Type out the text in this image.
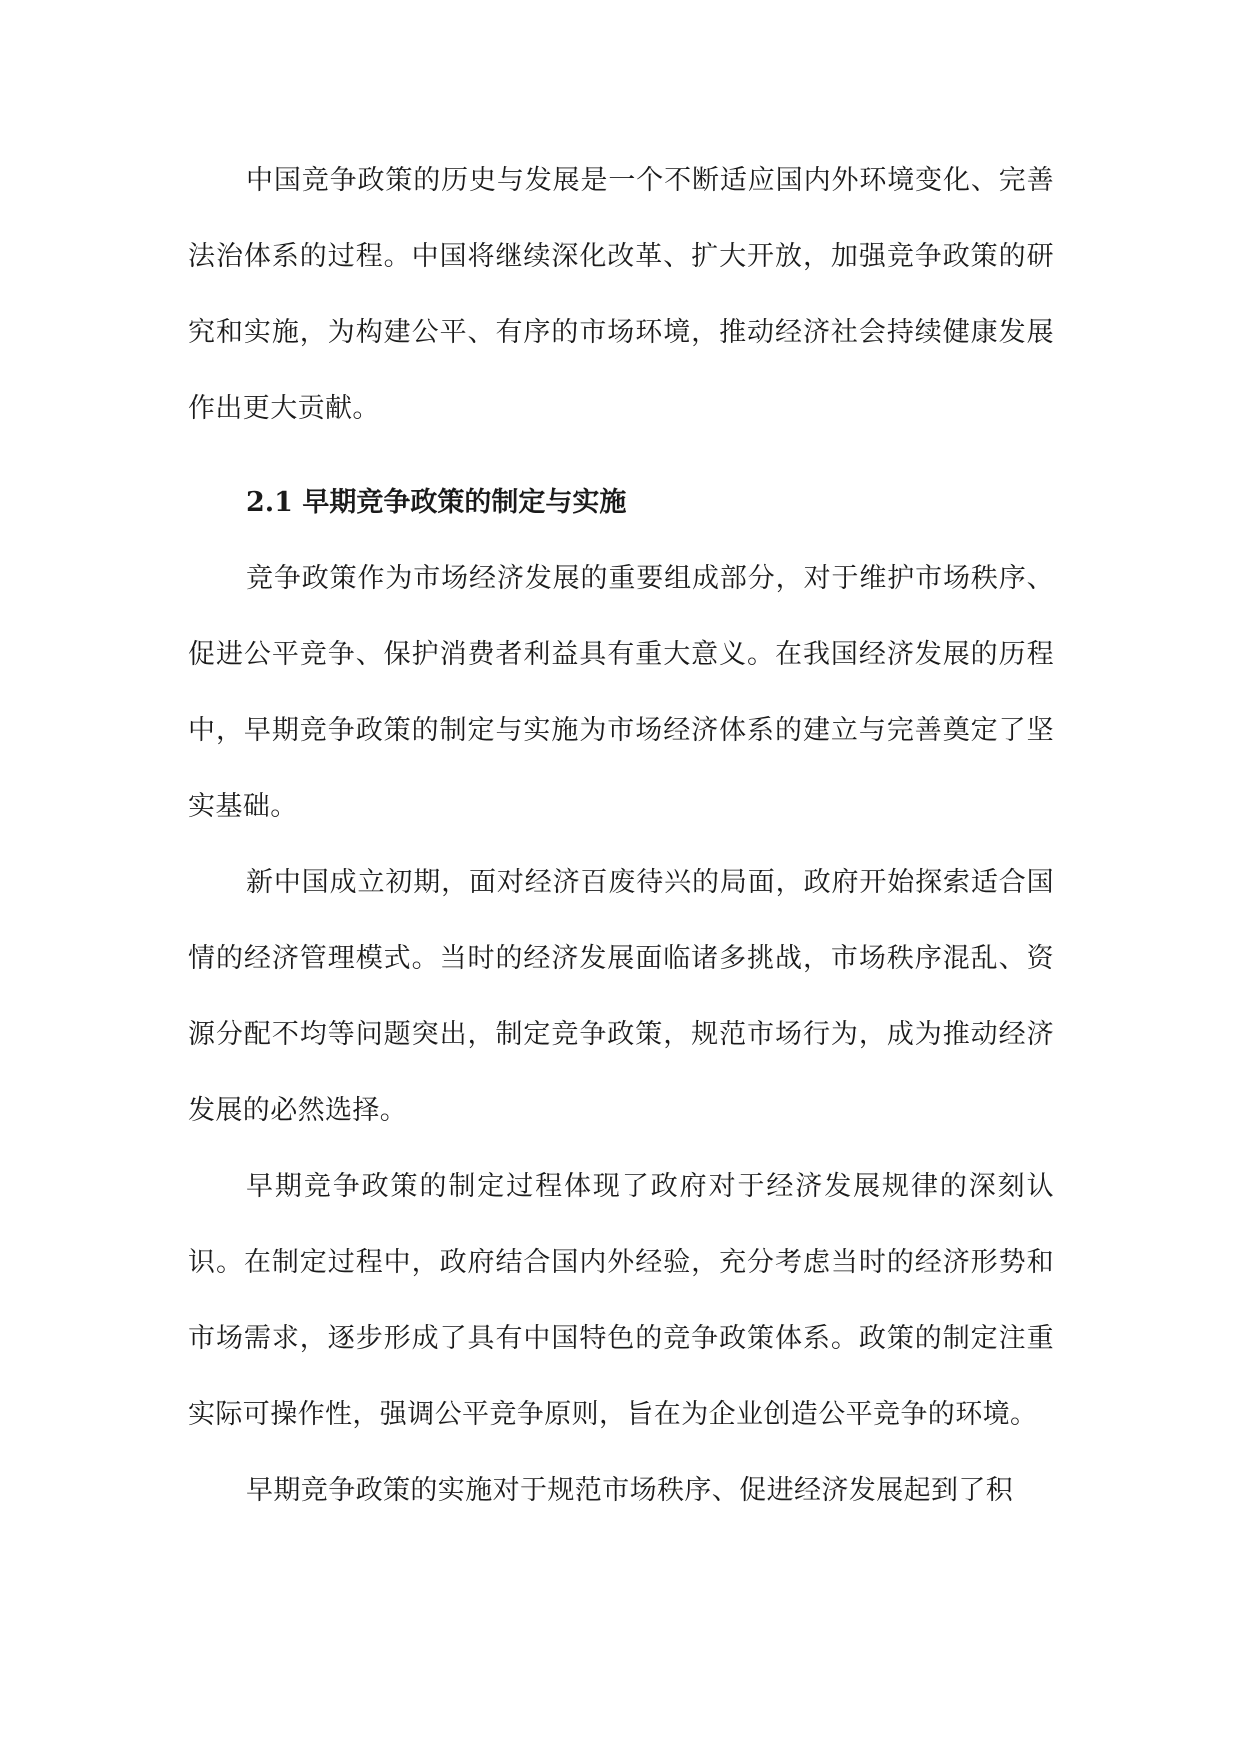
中国竞争政策的历史与发展是一个不断适应国内外环境变化、完善法治体系的过程。中国将继续深化改革、扩大开放，加强竞争政策的研究和实施，为构建公平、有序的市场环境，推动经济社会持续健康发展作出更大贡献。

2.1 早期竞争政策的制定与实施

竞争政策作为市场经济发展的重要组成部分，对于维护市场秩序、促进公平竞争、保护消费者利益具有重大意义。在我国经济发展的历程中，早期竞争政策的制定与实施为市场经济体系的建立与完善奠定了坚实基础。

新中国成立初期，面对经济百废待兴的局面，政府开始探索适合国情的经济管理模式。当时的经济发展面临诸多挑战，市场秩序混乱、资源分配不均等问题突出，制定竞争政策，规范市场行为，成为推动经济发展的必然选择。

早期竞争政策的制定过程体现了政府对于经济发展规律的深刻认识。在制定过程中，政府结合国内外经验，充分考虑当时的经济形势和市场需求，逐步形成了具有中国特色的竞争政策体系。政策的制定注重实际可操作性，强调公平竞争原则，旨在为企业创造公平竞争的环境。

早期竞争政策的实施对于规范市场秩序、促进经济发展起到了积
